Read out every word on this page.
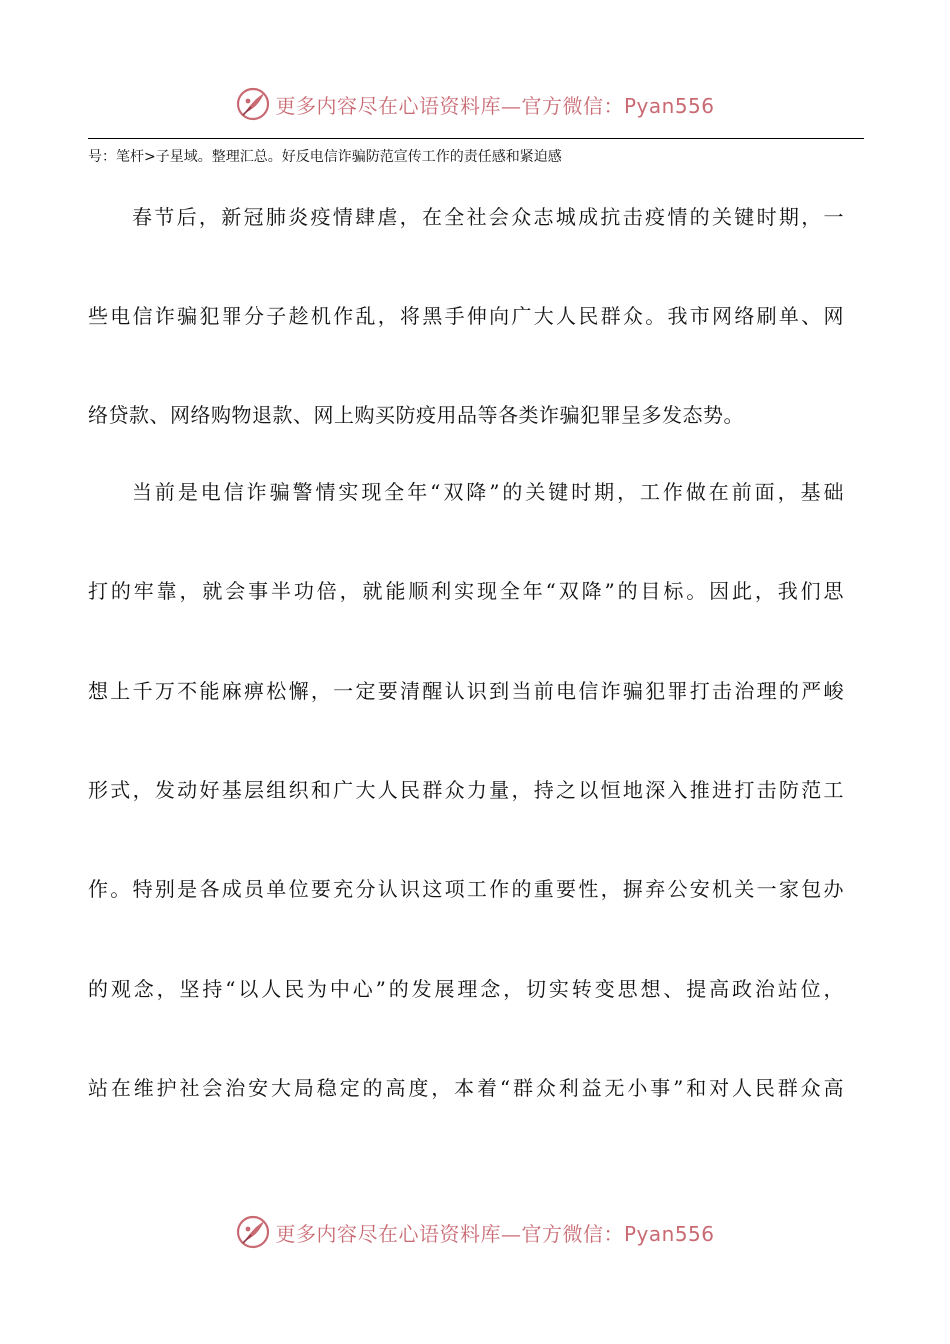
更多内容尽在心语资料库—官方微信：Pyan556
号：笔杆>子星域。整理汇总。好反电信诈骗防范宣传工作的责任感和紧迫感
春节后，新冠肺炎疫情肆虐，在全社会众志城成抗击疫情的关键时期，一
些电信诈骗犯罪分子趁机作乱，将黑手伸向广大人民群众。我市网络刷单、网
络贷款、网络购物退款、网上购买防疫用品等各类诈骗犯罪呈多发态势。
当前是电信诈骗警情实现全年“双降”的关键时期，工作做在前面，基础
打的牢靠，就会事半功倍，就能顺利实现全年“双降”的目标。因此，我们思
想上千万不能麻痹松懈，一定要清醒认识到当前电信诈骗犯罪打击治理的严峻
形式，发动好基层组织和广大人民群众力量，持之以恒地深入推进打击防范工
作。特别是各成员单位要充分认识这项工作的重要性，摒弃公安机关一家包办
的观念，坚持“以人民为中心”的发展理念，切实转变思想、提高政治站位，
站在维护社会治安大局稳定的高度，本着“群众利益无小事”和对人民群众高
更多内容尽在心语资料库—官方微信：Pyan556
